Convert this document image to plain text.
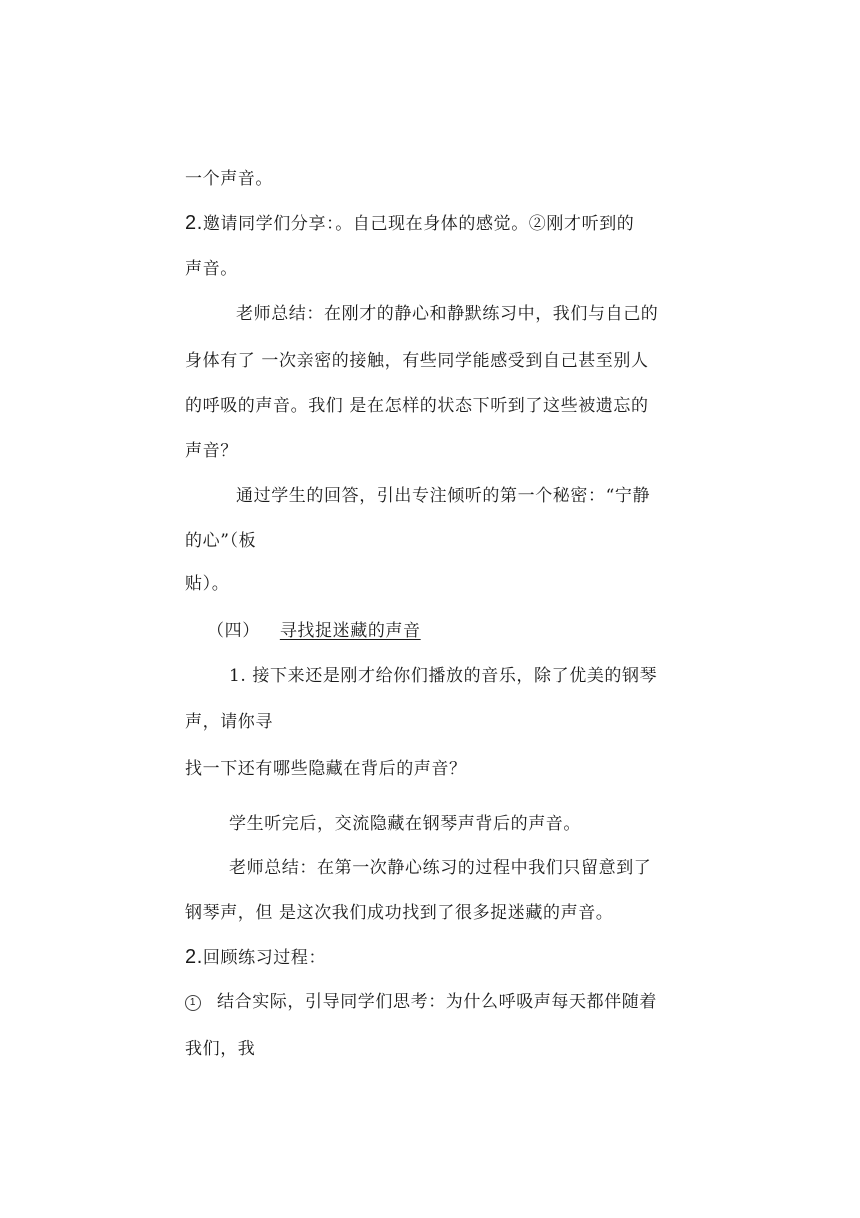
一个声音。
2.邀请同学们分享：。自己现在身体的感觉。②刚才听到的
声音。
老师总结：在刚才的静心和静默练习中，我们与自己的
身体有了 一次亲密的接触，有些同学能感受到自己甚至别人
的呼吸的声音。我们 是在怎样的状态下听到了这些被遗忘的
声音？
通过学生的回答，引出专注倾听的第一个秘密：“宁静
的心”（板
贴）。
（四） 寻找捉迷藏的声音
1. 接下来还是刚才给你们播放的音乐，除了优美的钢琴
声，请你寻
找一下还有哪些隐藏在背后的声音？
学生听完后，交流隐藏在钢琴声背后的声音。
老师总结：在第一次静心练习的过程中我们只留意到了
钢琴声，但 是这次我们成功找到了很多捉迷藏的声音。
2.回顾练习过程：
1 结合实际，引导同学们思考：为什么呼吸声每天都伴随着
我们，我
